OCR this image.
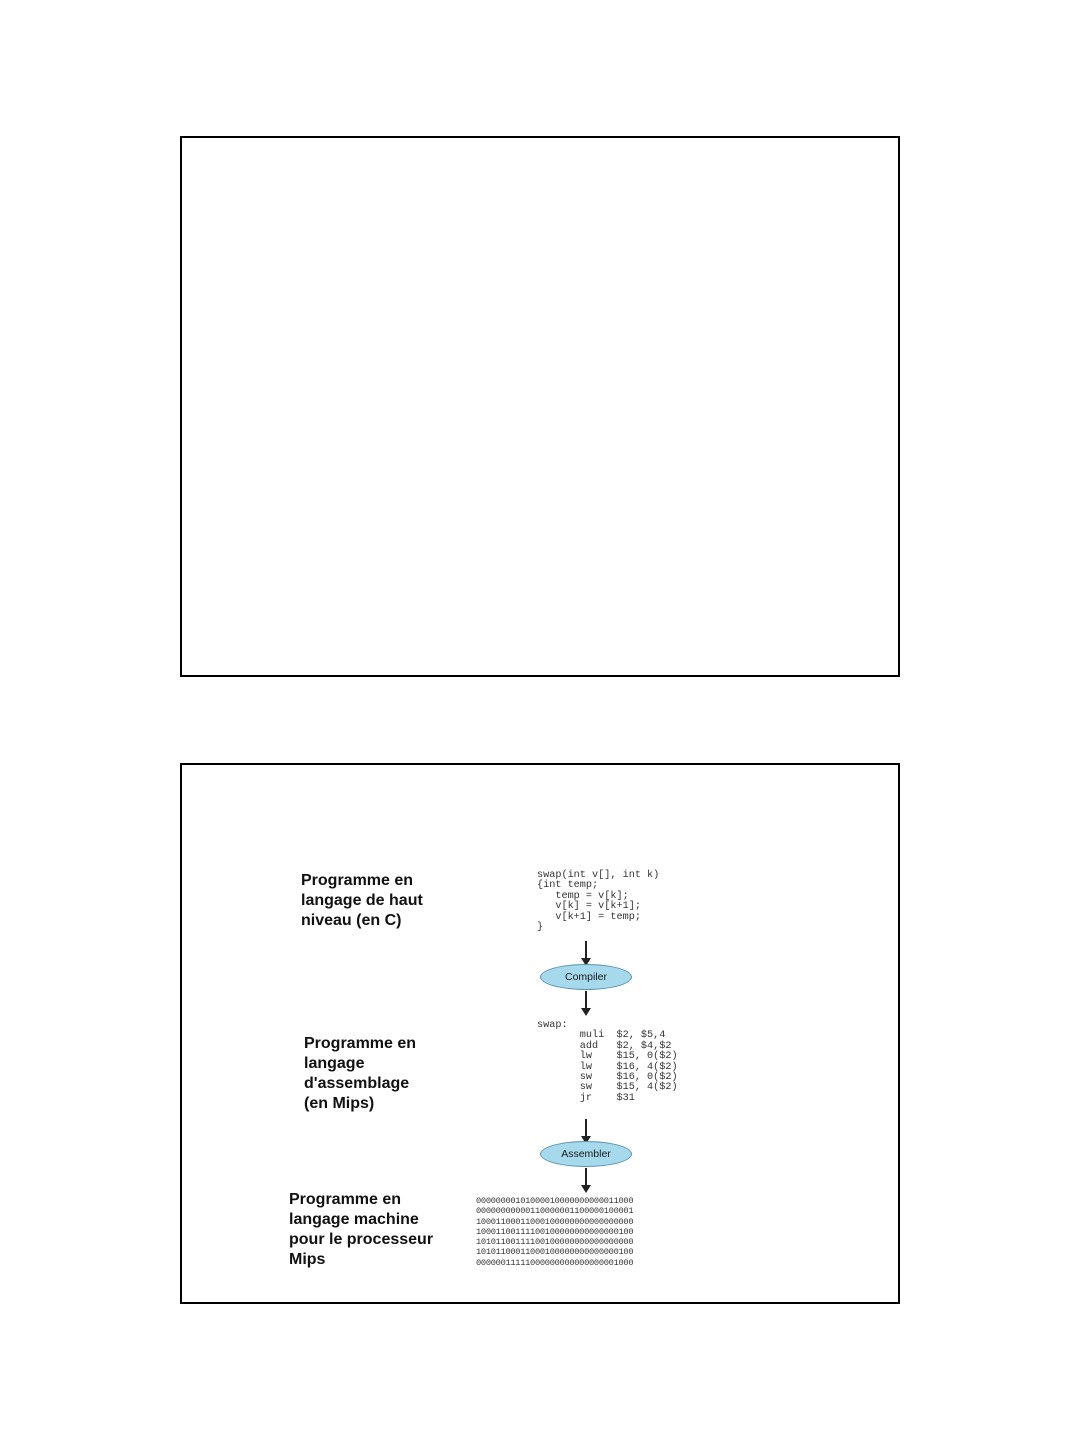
Programme en
langage de haut
niveau (en C)
swap(int v[], int k)
{int temp;
temp = v[k];
v[k] = v[k+1];
v[k+1] = temp;
}
Compiler
Programme en
langage
d'assemblage
(en Mips)
swap:
muli  $2, $5,4
add   $2, $4,$2
lw    $15, 0($2)
lw    $16, 4($2)
sw    $16, 0($2)
sw    $15, 4($2)
jr    $31
Assembler
Programme en
langage machine
pour le processeur
Mips
00000000101000010000000000011000
00000000000110000001100000100001
10001100011000100000000000000000
10001100111100100000000000000100
10101100111100100000000000000000
10101100011000100000000000000100
00000011111000000000000000001000
